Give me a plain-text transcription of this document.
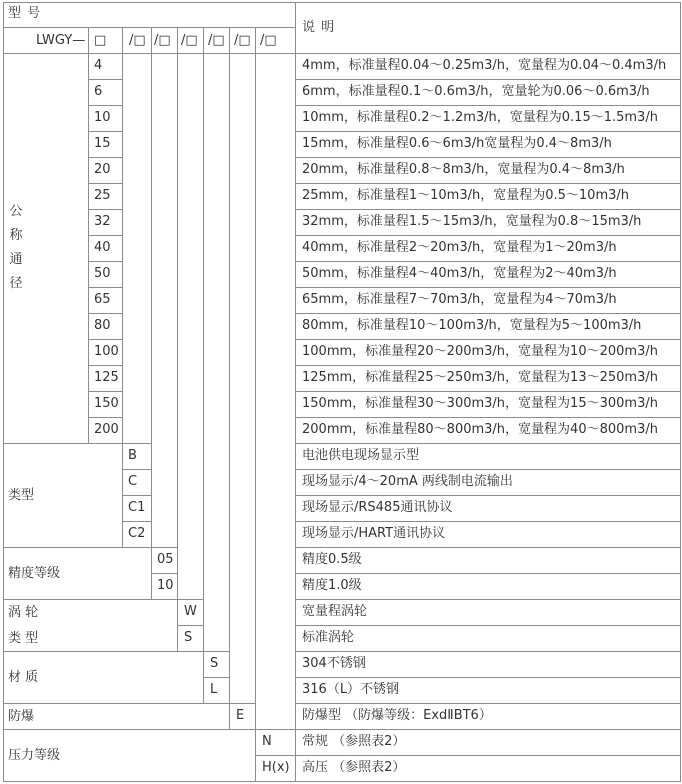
型 号
LWGY— □ /□ /□ /□ /□ /□ /□
说 明
公
称
通
径
4	4mm，标准量程0.04～0.25m3/h，宽量程为0.04～0.4m3/h
6	6mm，标准量程0.1～0.6m3/h，宽量轮为0.06～0.6m3/h
10	10mm，标准量程0.2～1.2m3/h，宽量程为0.15～1.5m3/h
15	15mm，标准量程0.6～6m3/h宽量程为0.4～8m3/h
20	20mm，标准量程0.8～8m3/h，宽量程为0.4～8m3/h
25	25mm，标准量程1～10m3/h，宽量程为0.5～10m3/h
32	32mm，标准量程1.5～15m3/h，宽量程为0.8～15m3/h
40	40mm，标准量程2～20m3/h，宽量程为1～20m3/h
50	50mm，标准量程4～40m3/h，宽量程为2～40m3/h
65	65mm，标准量程7～70m3/h，宽量程为4～70m3/h
80	80mm，标准量程10～100m3/h，宽量程为5～100m3/h
100	100mm，标准量程20～200m3/h，宽量程为10～200m3/h
125	125mm，标准量程25～250m3/h，宽量程为13～250m3/h
150	150mm，标准量程30～300m3/h，宽量程为15～300m3/h
200	200mm，标准量程80～800m3/h，宽量程为40～800m3/h
类型
B	电池供电现场显示型
C	现场显示/4～20mA 两线制电流输出
C1	现场显示/RS485通讯协议
C2	现场显示/HART通讯协议
精度等级
05	精度0.5级
10	精度1.0级
涡 轮
类 型
W	宽量程涡轮
S	标准涡轮
材 质
S	304不锈钢
L	316（L）不锈钢
防爆	E	防爆型 （防爆等级：ExdⅡBT6）
压力等级
N 常规 （参照表2）
H(x) 高压 （参照表2）
